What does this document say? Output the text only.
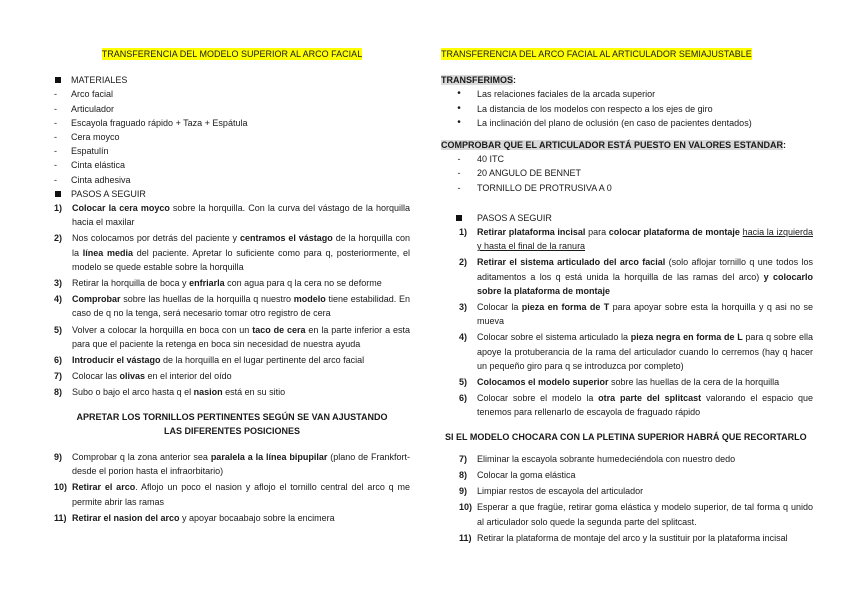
TRANSFERENCIA DEL MODELO SUPERIOR AL ARCO FACIAL
MATERIALES
-	Arco facial
-	Articulador
-	Escayola fraguado rápido + Taza + Espátula
-	Cera moyco
-	Espatulín
-	Cinta elástica
-	Cinta adhesiva
PASOS A SEGUIR
1)	Colocar la cera moyco sobre la horquilla. Con la curva del vástago de la horquilla hacia el maxilar
2)	Nos colocamos por detrás del paciente y centramos el vástago de la horquilla con la línea media del paciente. Apretar lo suficiente como para q, posteriormente, el modelo se quede estable sobre la horquilla
3)	Retirar la horquilla de boca y enfriarla con agua para q la cera no se deforme
4)	Comprobar sobre las huellas de la horquilla q nuestro modelo tiene estabilidad. En caso de q no la tenga, será necesario tomar otro registro de cera
5)	Volver a colocar la horquilla en boca con un taco de cera en la parte inferior a esta para que el paciente la retenga en boca sin necesidad de nuestra ayuda
6)	Introducir el vástago de la horquilla en el lugar pertinente del arco facial
7)	Colocar las olivas en el interior del oído
8)	Subo o bajo el arco hasta q el nasion está en su sitio
APRETAR LOS TORNILLOS PERTINENTES SEGÚN SE VAN AJUSTANDO LAS DIFERENTES POSICIONES
9)	Comprobar q la zona anterior sea paralela a la línea bipupilar (plano de Frankfort- desde el porion hasta el infraorbitario)
10) Retirar el arco. Aflojo un poco el nasion y aflojo el tornillo central del arco q me permite abrir las ramas
11) Retirar el nasion del arco y apoyar bocaabajo sobre la encimera
TRANSFERENCIA DEL ARCO FACIAL AL ARTICULADOR SEMIAJUSTABLE
TRANSFERIMOS:
•	Las relaciones faciales de la arcada superior
•	La distancia de los modelos con respecto a los ejes de giro
•	La inclinación del plano de oclusión (en caso de pacientes dentados)
COMPROBAR QUE EL ARTICULADOR ESTÁ PUESTO EN VALORES ESTANDAR:
-	40 ITC
-	20 ANGULO DE BENNET
-	TORNILLO DE PROTRUSIVA A 0
PASOS A SEGUIR
1)	Retirar plataforma incisal para colocar plataforma de montaje hacia la izquierda y hasta el final de la ranura
2)	Retirar el sistema articulado del arco facial (solo aflojar tornillo q une todos los aditamentos a los q está unida la horquilla de las ramas del arco) y colocarlo sobre la plataforma de montaje
3)	Colocar la pieza en forma de T para apoyar sobre esta la horquilla y q asi no se mueva
4)	Colocar sobre el sistema articulado la pieza negra en forma de L para q sobre ella apoye la protuberancia de la rama del articulador cuando lo cerremos (hay q hacer un pequeño giro para q se introduzca por completo)
5)	Colocamos el modelo superior sobre las huellas de la cera de la horquilla
6)	Colocar sobre el modelo la otra parte del splitcast valorando el espacio que tenemos para rellenarlo de escayola de fraguado rápido
SI EL MODELO CHOCARA CON LA PLETINA SUPERIOR HABRÁ QUE RECORTARLO
7)	Eliminar la escayola sobrante humedeciéndola con nuestro dedo
8)	Colocar la goma elástica
9)	Limpiar restos de escayola del articulador
10) Esperar a que fragüe, retirar goma elástica y modelo superior, de tal forma q unido al articulador solo quede la segunda parte del splitcast.
11) Retirar la plataforma de montaje del arco y la sustituir por la plataforma incisal
